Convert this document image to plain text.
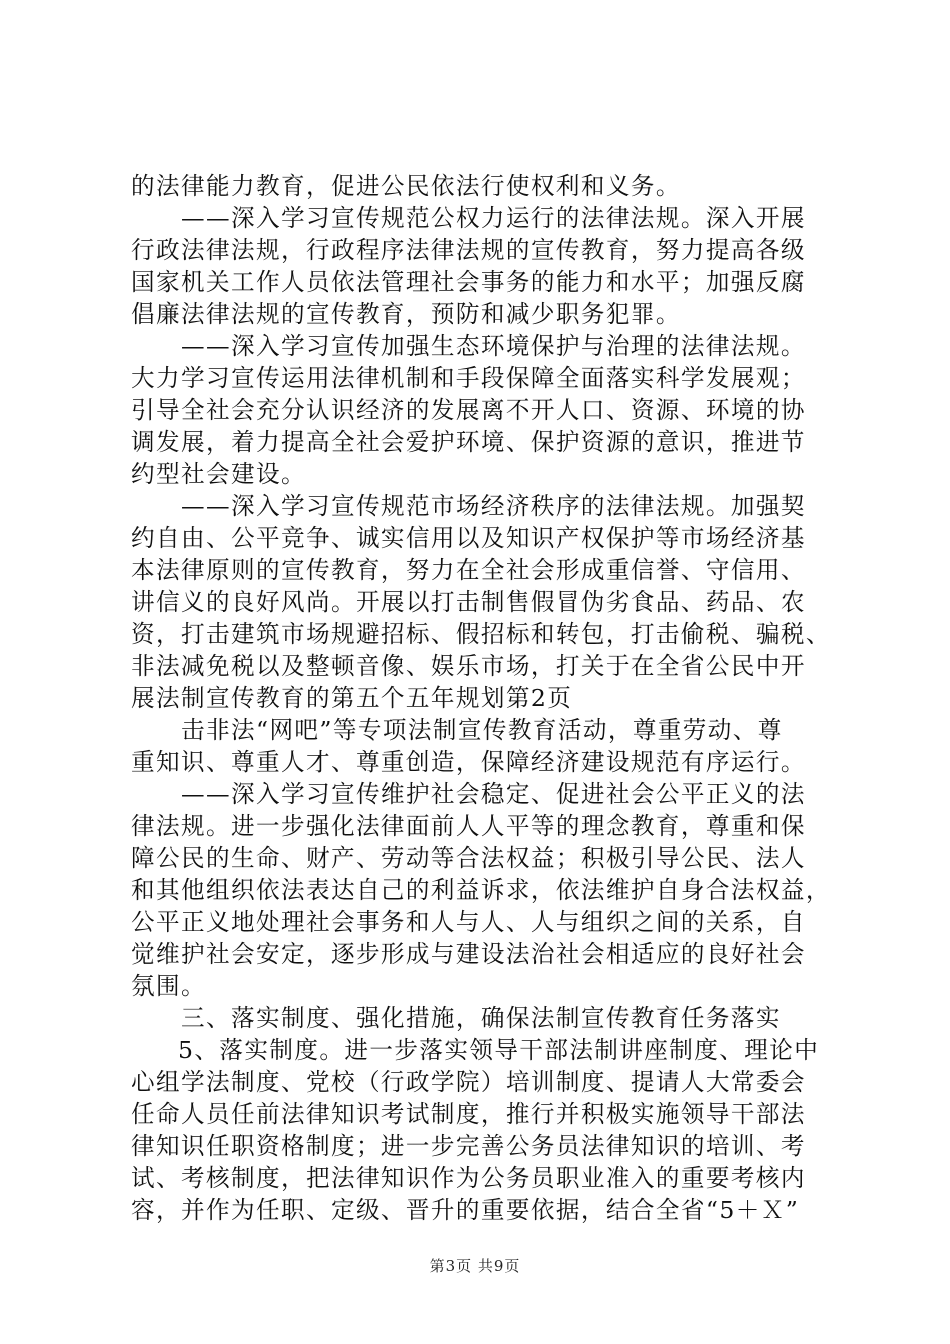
的法律能力教育，促进公民依法行使权利和义务。
——深入学习宣传规范公权力运行的法律法规。深入开展
行政法律法规，行政程序法律法规的宣传教育，努力提高各级
国家机关工作人员依法管理社会事务的能力和水平；加强反腐
倡廉法律法规的宣传教育，预防和减少职务犯罪。
——深入学习宣传加强生态环境保护与治理的法律法规。
大力学习宣传运用法律机制和手段保障全面落实科学发展观；
引导全社会充分认识经济的发展离不开人口、资源、环境的协
调发展，着力提高全社会爱护环境、保护资源的意识，推进节
约型社会建设。
——深入学习宣传规范市场经济秩序的法律法规。加强契
约自由、公平竞争、诚实信用以及知识产权保护等市场经济基
本法律原则的宣传教育，努力在全社会形成重信誉、守信用、
讲信义的良好风尚。开展以打击制售假冒伪劣食品、药品、农
资，打击建筑市场规避招标、假招标和转包，打击偷税、骗税、
非法减免税以及整顿音像、娱乐市场，打关于在全省公民中开
展法制宣传教育的第五个五年规划第2页
击非法“网吧”等专项法制宣传教育活动，尊重劳动、尊
重知识、尊重人才、尊重创造，保障经济建设规范有序运行。
——深入学习宣传维护社会稳定、促进社会公平正义的法
律法规。进一步强化法律面前人人平等的理念教育，尊重和保
障公民的生命、财产、劳动等合法权益；积极引导公民、法人
和其他组织依法表达自己的利益诉求，依法维护自身合法权益，
公平正义地处理社会事务和人与人、人与组织之间的关系，自
觉维护社会安定，逐步形成与建设法治社会相适应的良好社会
氛围。
三、落实制度、强化措施，确保法制宣传教育任务落实
5、落实制度。进一步落实领导干部法制讲座制度、理论中
心组学法制度、党校（行政学院）培训制度、提请人大常委会
任命人员任前法律知识考试制度，推行并积极实施领导干部法
律知识任职资格制度；进一步完善公务员法律知识的培训、考
试、考核制度，把法律知识作为公务员职业准入的重要考核内
容，并作为任职、定级、晋升的重要依据，结合全省“5＋Ｘ”
第3页 共9页
